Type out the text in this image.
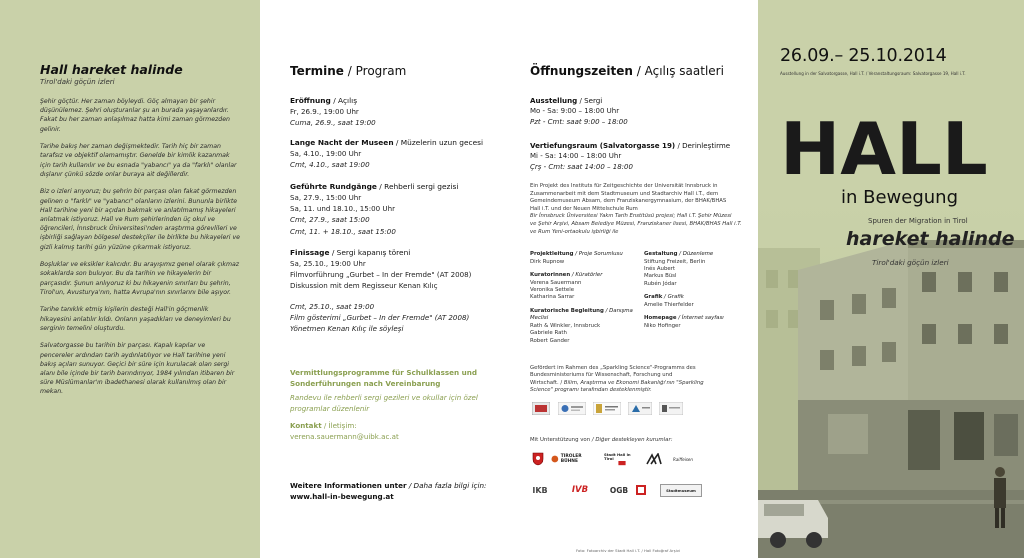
Hall hareket halinde
Tirol'daki göçün izleri

Şehir göçtür. Her zaman böyleydi. Göç almayan bir şehir düşünülemez. Şehri oluşturanlar şu an burada yaşayanlardır. Fakat bu her zaman anlaşılmaz hatta kimi zaman görmezden gelinir.

Tarihe bakış her zaman değişmektedir. Tarih hiç bir zaman tarafsız ve objektif olamamıştır. Genelde bir kimlik kazanmak için tarih kullanılır ve bu esnada "yabancı" ya da "farklı" olanlar dışlanır çünkü sözde onlar buraya ait değillerdir.

Biz o izleri arıyoruz; bu şehrin bir parçası olan fakat görmezden gelinen o "farklı" ve "yabancı" olanların izlerini. Bununla birlikte Hall tarihine yeni bir açıdan bakmak ve anlatılmamış hikayeleri anlatmak istiyoruz. Hall ve Rum şehirlerinden üç okul ve öğrencileri, İnnsbruck Üniversitesi'nden araştırma görevlileri ve işbirliği sağlayan bölgesel destekçiler ile birlikte bu hikayeleri ve gizli kalmış tarihi gün yüzüne çıkarmak istiyoruz.

Boşluklar ve eksikler kalıcıdır. Bu arayışımız genel olarak çıkmaz sokaklarda son buluyor. Bu da tarihin ve hikayelerin bir parçasıdır. Şunun anlıyoruz ki bu hikayenin sınırları bu şehrin, Tirol'un, Avusturya'nın, hatta Avrupa'nın sınırlarını bile aşıyor.

Tarihe tanıklık etmiş kişilerin desteği Hall'in göçmenlik hikayesini anlatılır kıldı. Onların yaşadıkları ve deneyimleri bu serginin temelini oluşturdu.

Salvatorgasse bu tarihin bir parçası. Kapalı kapılar ve pencereler ardından tarih aydınlatılıyor ve Hall tarihine yeni bakış açıları sunuyor. Geçici bir süre için kurulacak olan sergi alanı bile içinde bir tarih barındırıyor, 1984 yılından itibaren bir süre Müslümanlar'ın ibadethanesi olarak kullanılmış olan bir mekan.

Termine / Program
Eröffnung / Açılış
Fr, 26.9., 19:00 Uhr
Cuma, 26.9., saat 19:00
Lange Nacht der Museen / Müzelerin uzun gecesi
Sa, 4.10., 19:00 Uhr
Cmt, 4.10., saat 19:00
Geführte Rundgänge / Rehberli sergi gezisi
Sa, 27.9., 15:00 Uhr
Sa, 11. und 18.10., 15:00 Uhr
Cmt, 27.9., saat 15:00
Cmt, 11. + 18.10., saat 15:00
Finissage / Sergi kapanış töreni
Sa, 25.10., 19:00 Uhr
Filmvorführung „Gurbet – In der Fremde" (AT 2008)
Diskussion mit dem Regisseur Kenan Kılıç
Cmt, 25.10., saat 19:00
Film gösterimi „Gurbet – In der Fremde" (AT 2008)
Yönetmen Kenan Kılıç ile söyleşi
Vermittlungsprogramme für Schulklassen und Sonderführungen nach Vereinbarung
Randevu ile rehberli sergi gezileri ve okullar için özel programlar düzenlenir
Kontakt / İletişim:
verena.sauermann@uibk.ac.at
Weitere Informationen unter / Daha fazla bilgi için:
www.hall-in-bewegung.at
Öffnungszeiten / Açılış saatleri
Ausstellung / Sergi
Mo - Sa: 9:00 – 18:00 Uhr
Pzt - Cmt: saat 9:00 – 18:00
Vertiefungsraum (Salvatorgasse 19) / Derinleştirme
Mi - Sa: 14:00 – 18:00 Uhr
Çrş - Cmt: saat 14:00 – 18:00

Ein Projekt des Instituts für Zeitgeschichte der Universität Innsbruck in

Zusammenarbeit mit dem Stadtmuseum und Stadtarchiv Hall i.T., dem

Gemeindemuseum Absam, dem Franziskanergymnasium, der BHAK/BHAS

Hall i.T. und der Neuen Mittelschule Rum

Bir İnnsbruck Üniversitesi Yakın Tarih Enstitüsü projesi; Hall i.T. Şehir Müzesi

ve Şehir Arşivi, Absam Belediye Müzesi, Franziskaner lisesi, BHAK/BHAS Hall i.T.

ve Rum Yeni-ortaokulu işbirliği ile

Projektleitung / Proje Sorumlusu
Dirk Rupnow
Kuratorinnen / Küratörler
Verena Sauermann
Veronika Settele
Katharina Sarrar
Kuratorische Begleitung / Danışma Meclisi
Rath & Winkler, Innsbruck
Gabriele Rath
Robert Gander
Gestaltung / Düzenleme
Stiftung Freizeit, Berlin
Inés Aubert
Markus Büsl
Rubén Jódar
Grafik / Grafik
Amelie Thierfelder
Homepage / İnternet sayfası
Niko Hofinger

Gefördert im Rahmen des „Sparkling Science"-Programms des

Bundesministeriums für Wissenschaft, Forschung und

Wirtschaft. / Bilim, Araştırma ve Ekonomi Bakanlığı'nın "Sparkling

Science" programı tarafından desteklenmiştir.

Mit Unterstützung von / Diğer destekleyen kurumlar:
TIROLER BÜHNE
Stadt Hall in Tirol	Raiffeisen
IKB	IVB	OGB	Stadtmuseum
Foto: Fotoarchiv der Stadt Hall i.T. / Hall Fotoğraf Arşivi
26.09.– 25.10.2014
Ausstellung in der Salvatorgasse, Hall i.T. / Veranstaltungsraum: Salvatorgasse 19, Hall i.T.
HALL
in Bewegung
Spuren der Migration in Tirol
hareket halinde
Tirol'daki göçün izleri
